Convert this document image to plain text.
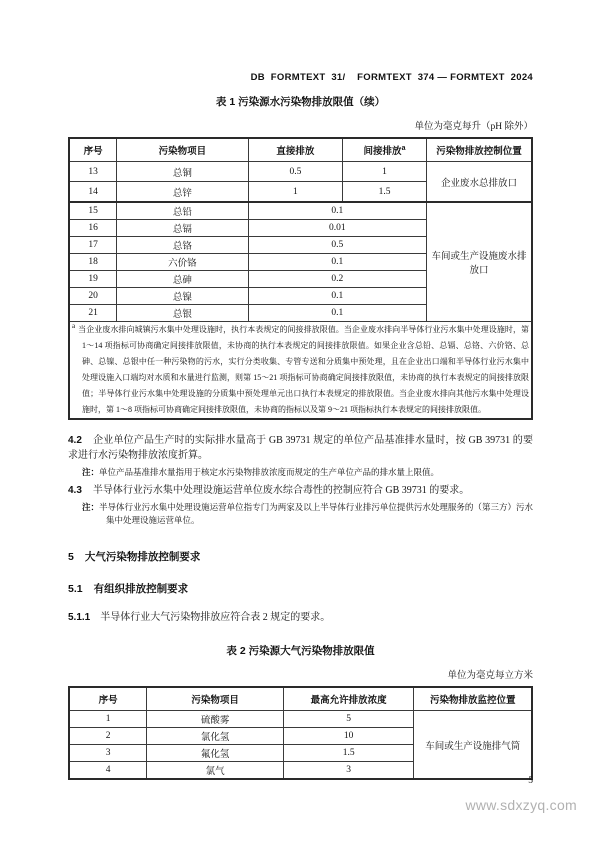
DB  FORMTEXT  31/    FORMTEXT  374 — FORMTEXT  2024
表 1 污染源水污染物排放限值（续）
单位为毫克每升（pH 除外）
序号	污染物项目	直接排放	间接排放$^a$	污染物排放控制位置
13	总铜	0.5	1	企业废水总排放口
14	总锌	1	1.5	
15	总铅	0.1		车间或生产设施废水排放口
16	总镉	0.01		
17	总铬	0.5		
18	六价铬	0.1		
19	总砷	0.2		
20	总镍	0.1		
21	总银	0.1		

$^a$ 当企业废水排向城镇污水集中处理设施时，执行本表规定的间接排放限值。当企业废水排向半导体行业污水集中处理设施时，第 1～14 项指标可协商确定间接排放限值，未协商的执行本表规定的间接排放限值。如果企业含总铅、总镉、总铬、六价铬、总砷、总镍、总银中任一种污染物的污水，实行分类收集、专管专送和分质集中预处理，且在企业出口端和半导体行业污水集中处理设施入口端均对水质和水量进行监测，则第 15～21 项指标可协商确定间接排放限值，未协商的执行本表规定的间接排放限值；半导体行业污水集中处理设施的分质集中预处理单元出口执行本表规定的排放限值。当企业废水排向其他污水集中处理设施时，第 1～8 项指标可协商确定间接排放限值，未协商的指标以及第 9～21 项指标执行本表规定的间接排放限值。				
4.2 企业单位产品生产时的实际排水量高于 GB 39731 规定的单位产品基准排水量时，按 GB 39731 的要求进行水污染物排放浓度折算。
注：单位产品基准排水量指用于核定水污染物排放浓度而规定的生产单位产品的排水量上限值。
4.3 半导体行业污水集中处理设施运营单位废水综合毒性的控制应符合 GB 39731 的要求。
注：半导体行业污水集中处理设施运营单位指专门为两家及以上半导体行业排污单位提供污水处理服务的（第三方）污水集中处理设施运营单位。
5 大气污染物排放控制要求
5.1 有组织排放控制要求
5.1.1 半导体行业大气污染物排放应符合表 2 规定的要求。
表 2 污染源大气污染物排放限值
单位为毫克每立方米
序号	污染物项目	最高允许排放浓度	污染物排放监控位置
1	硫酸雾	5	车间或生产设施排气筒
2	氯化氢	10	
3	氟化氢	1.5	
4	氯气	3	
5
www.sdxzyq.com
